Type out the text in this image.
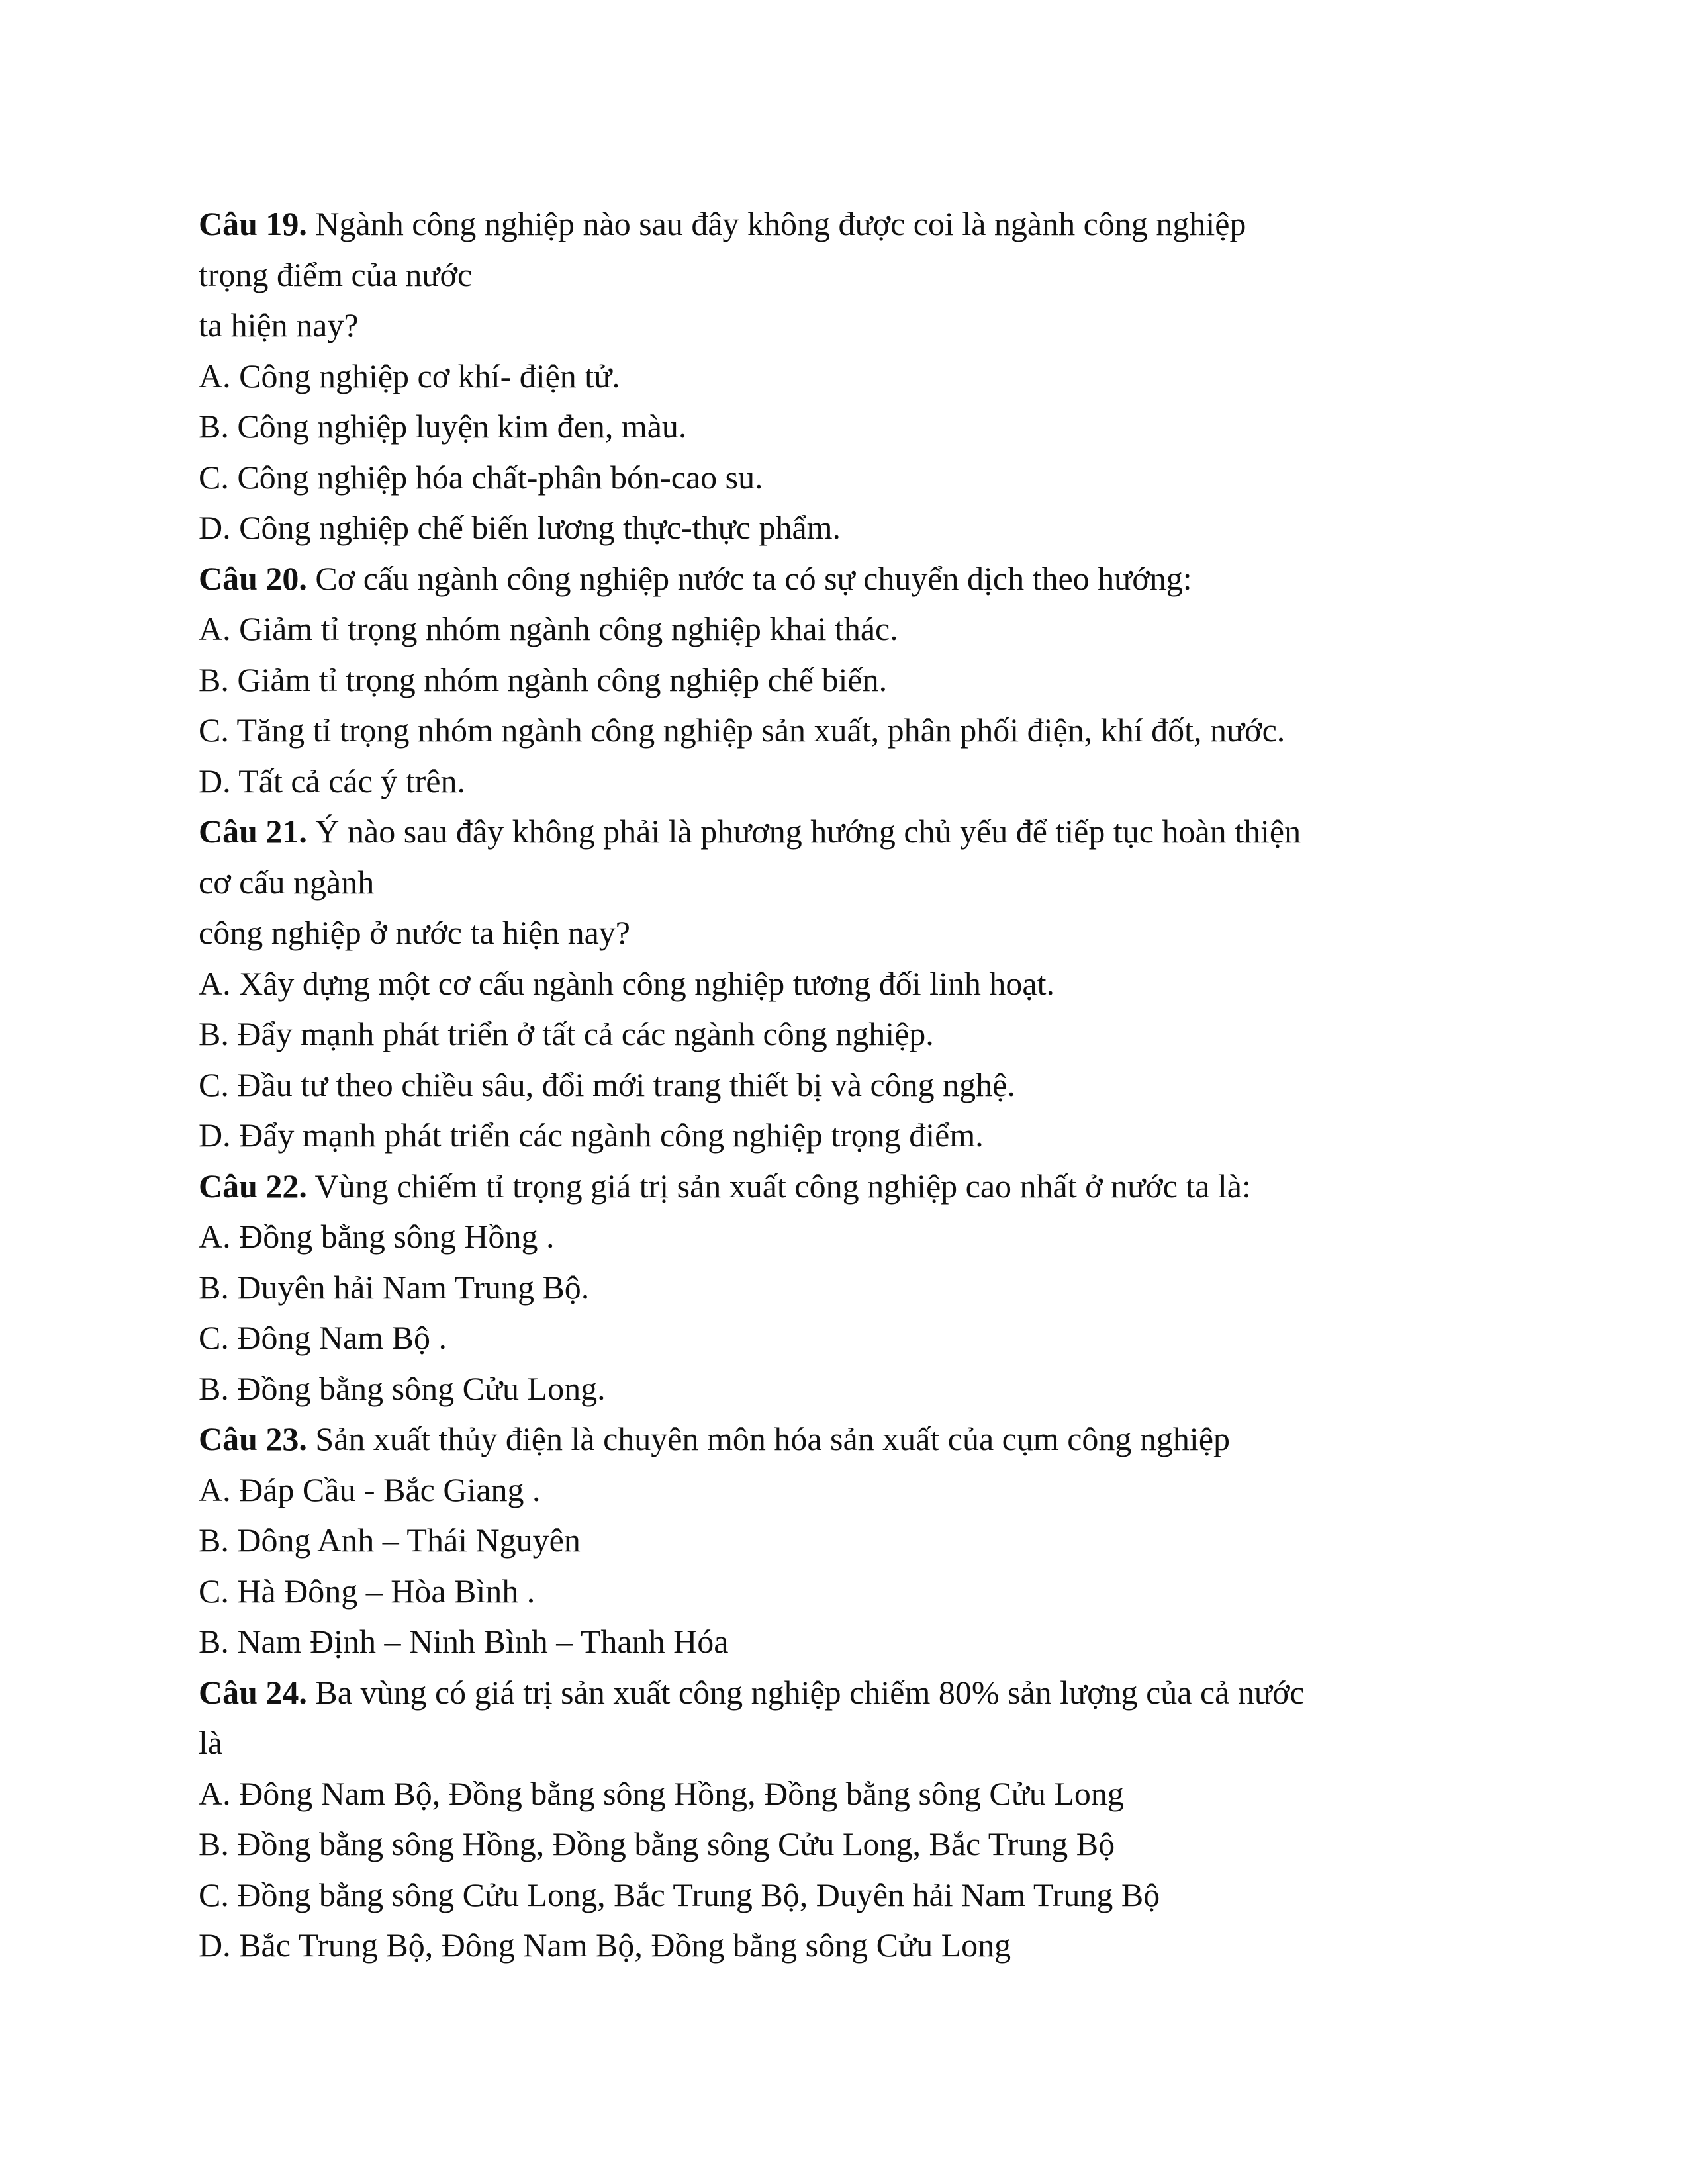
Câu 19. Ngành công nghiệp nào sau đây không được coi là ngành công nghiệp
trọng điểm của nước
ta hiện nay?
A. Công nghiệp cơ khí- điện tử.
B. Công nghiệp luyện kim đen, màu.
C. Công nghiệp hóa chất-phân bón-cao su.
D. Công nghiệp chế biến lương thực-thực phẩm.
Câu 20. Cơ cấu ngành công nghiệp nước ta có sự chuyển dịch theo hướng:
A. Giảm tỉ trọng nhóm ngành công nghiệp khai thác.
B. Giảm tỉ trọng nhóm ngành công nghiệp chế biến.
C. Tăng tỉ trọng nhóm ngành công nghiệp sản xuất, phân phối điện, khí đốt, nước.
D. Tất cả các ý trên.
Câu 21. Ý nào sau đây không phải là phương hướng chủ yếu để tiếp tục hoàn thiện
cơ cấu ngành
công nghiệp ở nước ta hiện nay?
A. Xây dựng một cơ cấu ngành công nghiệp tương đối linh hoạt.
B. Đẩy mạnh phát triển ở tất cả các ngành công nghiệp.
C. Đầu tư theo chiều sâu, đổi mới trang thiết bị và công nghệ.
D. Đẩy mạnh phát triển các ngành công nghiệp trọng điểm.
Câu 22. Vùng chiếm tỉ trọng giá trị sản xuất công nghiệp cao nhất ở nước ta là:
A. Đồng bằng sông Hồng .
B. Duyên hải Nam Trung Bộ.
C. Đông Nam Bộ .
B. Đồng bằng sông Cửu Long.
Câu 23. Sản xuất thủy điện là chuyên môn hóa sản xuất của cụm công nghiệp
A. Đáp Cầu - Bắc Giang .
B. Dông Anh – Thái Nguyên
C. Hà Đông – Hòa Bình .
B. Nam Định – Ninh Bình – Thanh Hóa
Câu 24. Ba vùng có giá trị sản xuất công nghiệp chiếm 80% sản lượng của cả nước
là
A. Đông Nam Bộ, Đồng bằng sông Hồng, Đồng bằng sông Cửu Long
B. Đồng bằng sông Hồng, Đồng bằng sông Cửu Long, Bắc Trung Bộ
C. Đồng bằng sông Cửu Long, Bắc Trung Bộ, Duyên hải Nam Trung Bộ
D. Bắc Trung Bộ, Đông Nam Bộ, Đồng bằng sông Cửu Long
